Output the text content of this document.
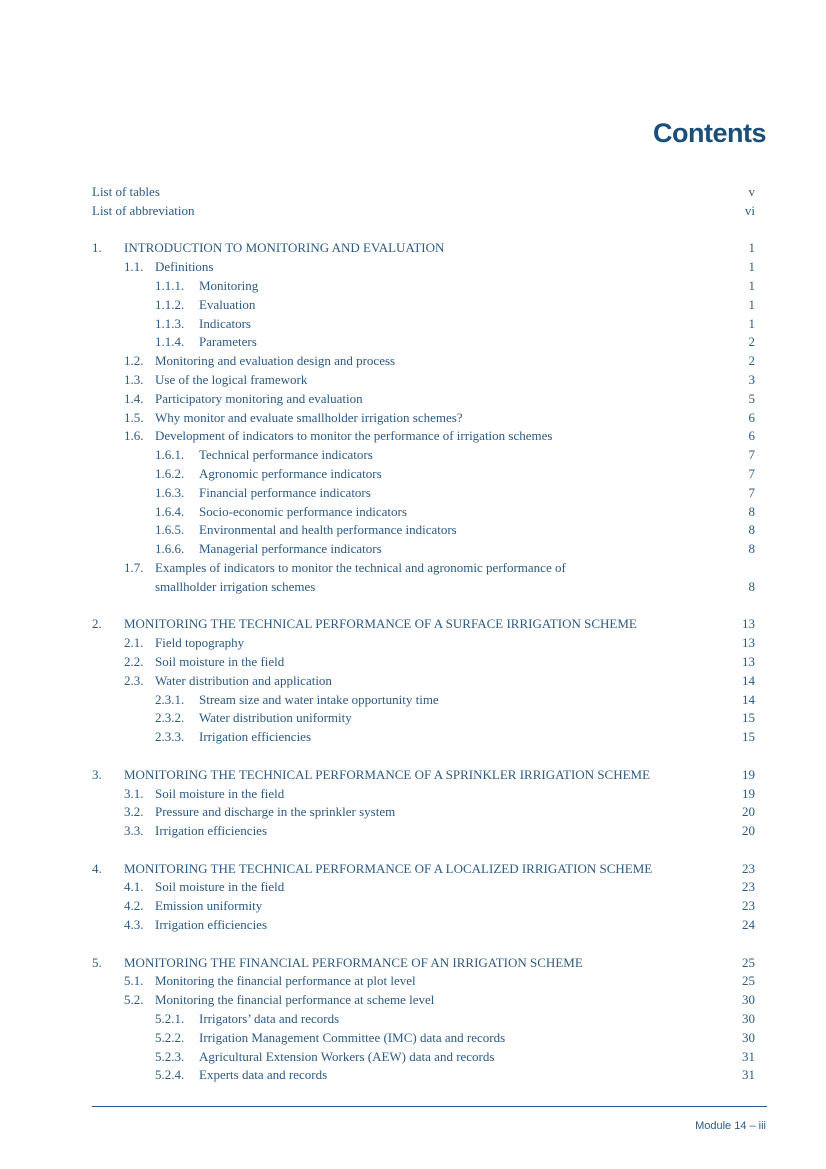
Contents
List of tables	v
List of abbreviation	vi
1. INTRODUCTION TO MONITORING AND EVALUATION	1
1.1. Definitions	1
1.1.1. Monitoring	1
1.1.2. Evaluation	1
1.1.3. Indicators	1
1.1.4. Parameters	2
1.2. Monitoring and evaluation design and process	2
1.3. Use of the logical framework	3
1.4. Participatory monitoring and evaluation	5
1.5. Why monitor and evaluate smallholder irrigation schemes?	6
1.6. Development of indicators to monitor the performance of irrigation schemes	6
1.6.1. Technical performance indicators	7
1.6.2. Agronomic performance indicators	7
1.6.3. Financial performance indicators	7
1.6.4. Socio-economic performance indicators	8
1.6.5. Environmental and health performance indicators	8
1.6.6. Managerial performance indicators	8
1.7. Examples of indicators to monitor the technical and agronomic performance of smallholder irrigation schemes	8
2. MONITORING THE TECHNICAL PERFORMANCE OF A SURFACE IRRIGATION SCHEME	13
2.1. Field topography	13
2.2. Soil moisture in the field	13
2.3. Water distribution and application	14
2.3.1. Stream size and water intake opportunity time	14
2.3.2. Water distribution uniformity	15
2.3.3. Irrigation efficiencies	15
3. MONITORING THE TECHNICAL PERFORMANCE OF A SPRINKLER IRRIGATION SCHEME	19
3.1. Soil moisture in the field	19
3.2. Pressure and discharge in the sprinkler system	20
3.3. Irrigation efficiencies	20
4. MONITORING THE TECHNICAL PERFORMANCE OF A LOCALIZED IRRIGATION SCHEME	23
4.1. Soil moisture in the field	23
4.2. Emission uniformity	23
4.3. Irrigation efficiencies	24
5. MONITORING THE FINANCIAL PERFORMANCE OF AN IRRIGATION SCHEME	25
5.1. Monitoring the financial performance at plot level	25
5.2. Monitoring the financial performance at scheme level	30
5.2.1. Irrigators’ data and records	30
5.2.2. Irrigation Management Committee (IMC) data and records	30
5.2.3. Agricultural Extension Workers (AEW) data and records	31
5.2.4. Experts data and records	31
Module 14 – iii
